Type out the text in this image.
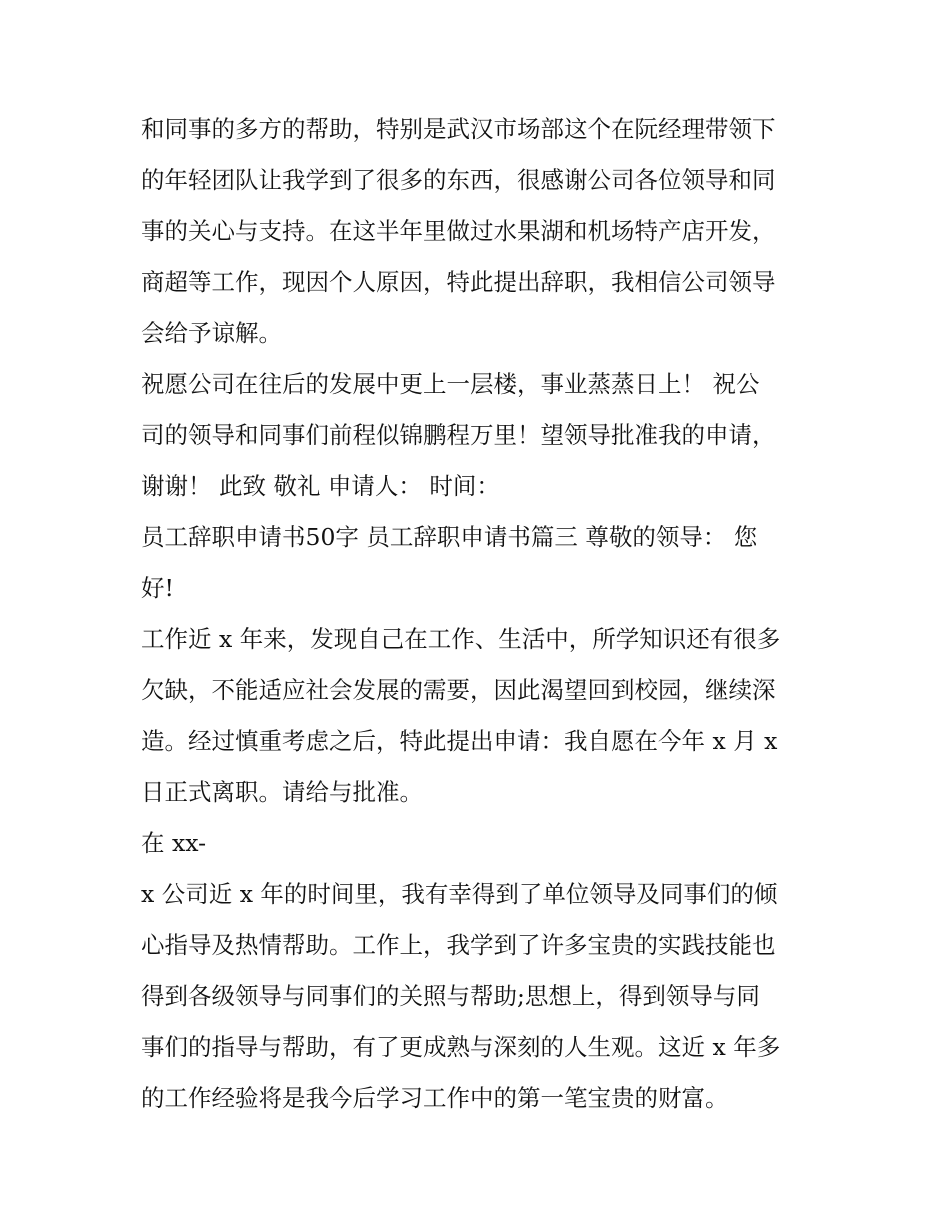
和同事的多方的帮助，特别是武汉市场部这个在阮经理带领下
的年轻团队让我学到了很多的东西，很感谢公司各位领导和同
事的关心与支持。在这半年里做过水果湖和机场特产店开发，
商超等工作，现因个人原因，特此提出辞职，我相信公司领导
会给予谅解。
祝愿公司在往后的发展中更上一层楼，事业蒸蒸日上！ 祝公
司的领导和同事们前程似锦鹏程万里！望领导批准我的申请，
谢谢！ 此致 敬礼 申请人： 时间：
员工辞职申请书50字 员工辞职申请书篇三 尊敬的领导： 您
好!
工作近 x 年来，发现自己在工作、生活中，所学知识还有很多
欠缺，不能适应社会发展的需要，因此渴望回到校园，继续深
造。经过慎重考虑之后，特此提出申请：我自愿在今年 x 月 x
日正式离职。请给与批准。
在 xx-
x 公司近 x 年的时间里，我有幸得到了单位领导及同事们的倾
心指导及热情帮助。工作上，我学到了许多宝贵的实践技能也
得到各级领导与同事们的关照与帮助;思想上，得到领导与同
事们的指导与帮助，有了更成熟与深刻的人生观。这近 x 年多
的工作经验将是我今后学习工作中的第一笔宝贵的财富。
